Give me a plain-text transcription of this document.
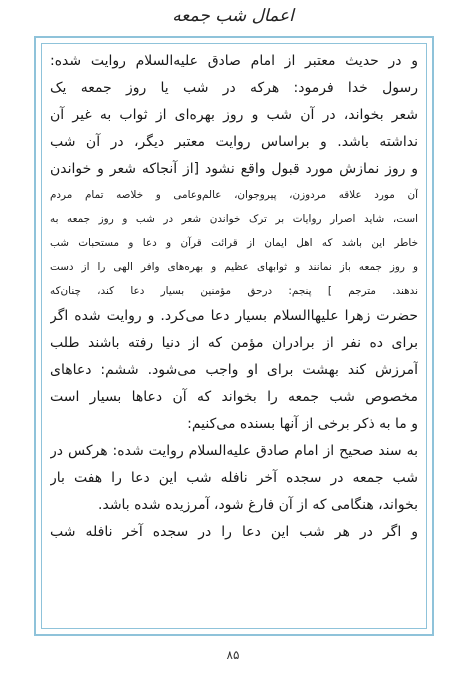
اعمال شب جمعه
و در حدیث معتبر از امام صادق علیه‌السلام روایت شده:
رسول خدا فرمود: هرکه در شب یا روز جمعه یک
شعر بخواند، در آن شب و روز بهره‌ای از ثواب به غیر آن
نداشته باشد. و براساس روایت معتبر دیگر، در آن شب
و روز نمازش مورد قبول واقع نشود [از آنجاکه شعر و خواندن
آن مورد علاقه مردوزن، پیروجوان، عالم‌وعامی و خلاصه تمام مردم
است، شاید اصرار روایات بر ترک خواندن شعر در شب و روز جمعه به
خاطر این باشد که اهل ایمان از قرائت قرآن و دعا و مستحبات شب
و روز جمعه باز نمانند و ثوابهای عظیم و بهره‌های وافر الهی را از دست
ندهند. مترجم ] پنجم: درحق مؤمنین بسیار دعا کند، چنان‌که
حضرت زهرا علیهاالسلام بسیار دعا می‌کرد. و روایت شده اگر
برای ده نفر از برادران مؤمن که از دنیا رفته باشند طلب
آمرزش کند بهشت برای او واجب می‌شود. ششم: دعاهای
مخصوص شب جمعه را بخواند که آن دعاها بسیار است
و ما به ذکر برخی از آنها بسنده می‌کنیم:
به سند صحیح از امام صادق علیه‌السلام روایت شده: هرکس در
شب جمعه در سجده آخر نافله شب این دعا را هفت بار
بخواند، هنگامی که از آن فارغ شود، آمرزیده شده باشد.
و اگر در هر شب این دعا را در سجده آخر نافله شب
۸۵
